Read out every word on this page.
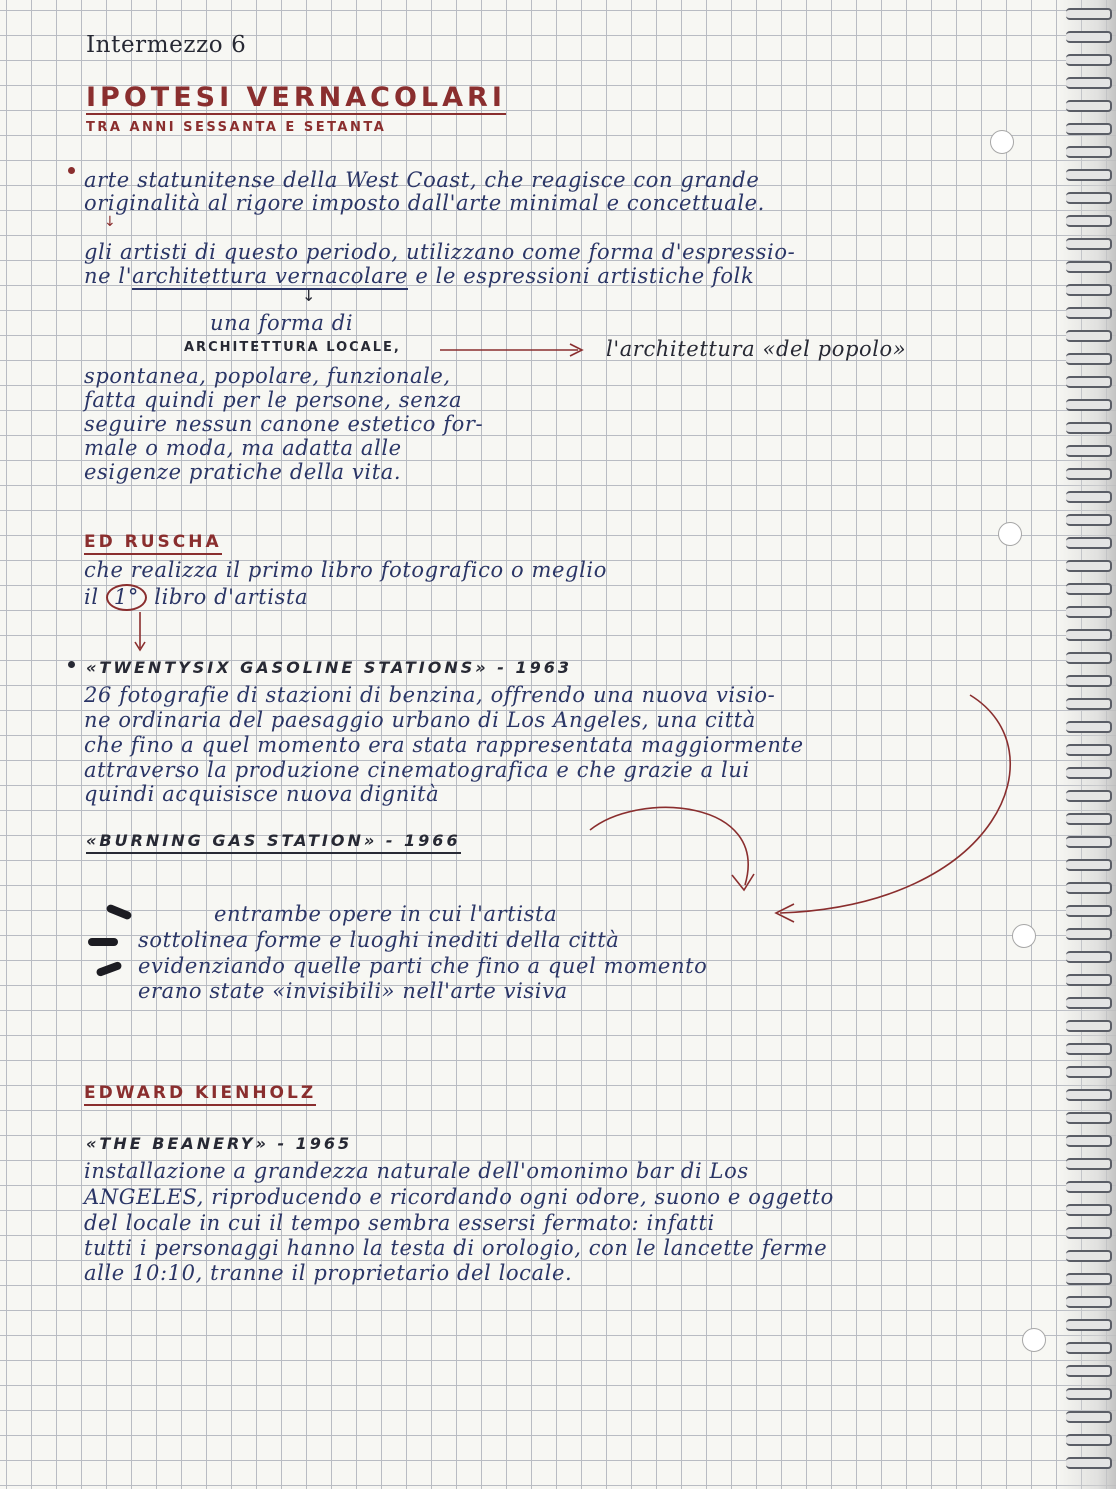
Intermezzo 6
IPOTESI VERNACOLARI
TRA ANNI SESSANTA E SETANTA
arte statunitense della West Coast, che reagisce con grande
originalità al rigore imposto dall'arte minimal e concettuale.
↓
gli artisti di questo periodo, utilizzano come forma d'espressio-
ne l'architettura vernacolare e le espressioni artistiche folk
↓
una forma di
ARCHITETTURA LOCALE,	l'architettura «del popolo»
spontanea, popolare, funzionale,
fatta quindi per le persone, senza
seguire nessun canone estetico for-
male o moda, ma adatta alle
esigenze pratiche della vita.
ED RUSCHA
che realizza il primo libro fotografico o meglio
il 1° libro d'artista
«TWENTYSIX GASOLINE STATIONS» - 1963
26 fotografie di stazioni di benzina, offrendo una nuova visio-
ne ordinaria del paesaggio urbano di Los Angeles, una città
che fino a quel momento era stata rappresentata maggiormente
attraverso la produzione cinematografica e che grazie a lui
quindi acquisisce nuova dignità
«BURNING GAS STATION» - 1966
entrambe opere in cui l'artista
sottolinea forme e luoghi inediti della città
evidenziando quelle parti che fino a quel momento
erano state «invisibili» nell'arte visiva
EDWARD KIENHOLZ
«THE BEANERY» - 1965
installazione a grandezza naturale dell'omonimo bar di Los
ANGELES, riproducendo e ricordando ogni odore, suono e oggetto
del locale in cui il tempo sembra essersi fermato: infatti
tutti i personaggi hanno la testa di orologio, con le lancette ferme
alle 10:10, tranne il proprietario del locale.
